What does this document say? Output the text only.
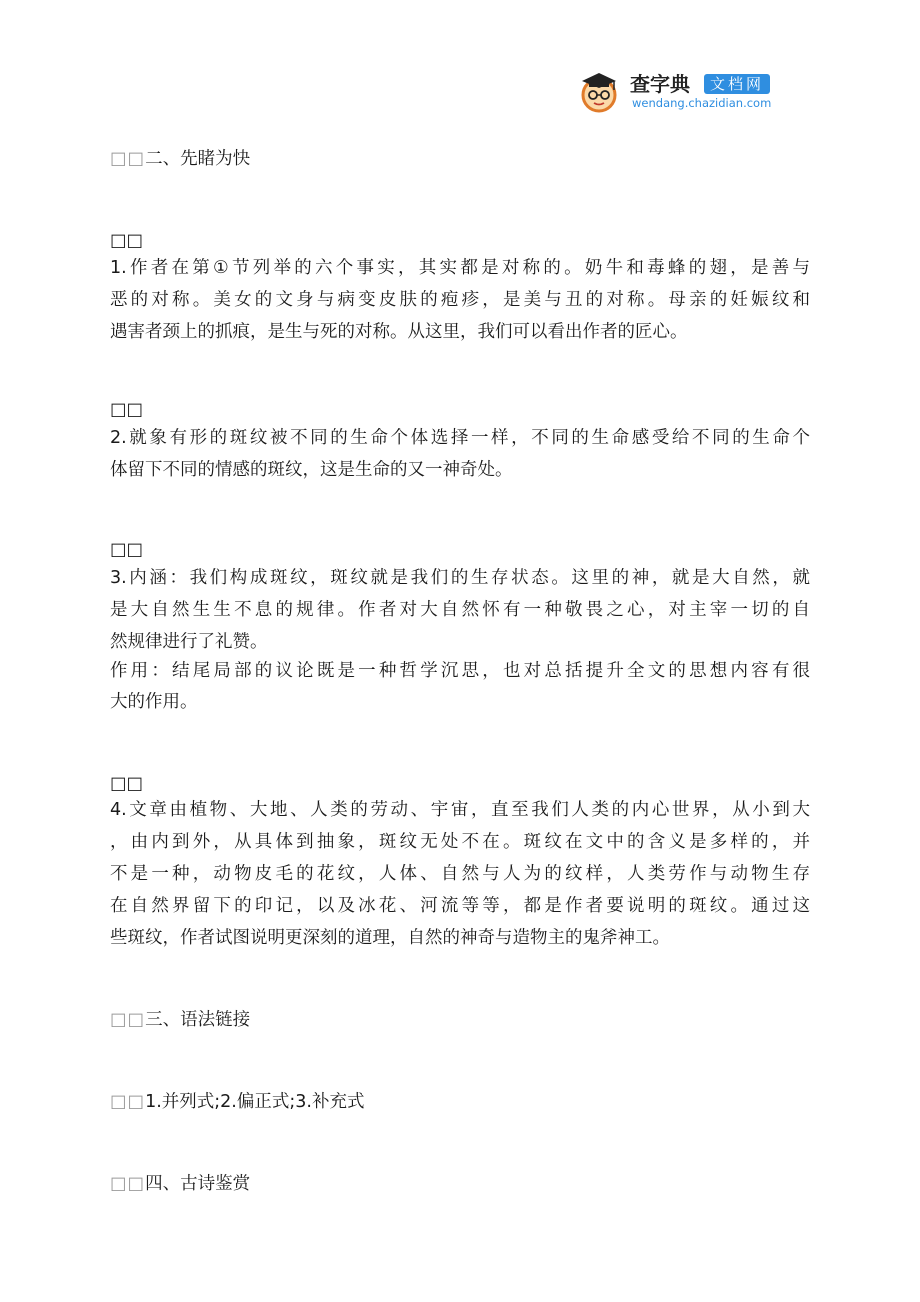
查字典	文档网
wendang.chazidian.com
□□二、先睹为快
□□
1.作者在第①节列举的六个事实，其实都是对称的。奶牛和毒蜂的翅，是善与
恶的对称。美女的文身与病变皮肤的疱疹，是美与丑的对称。母亲的妊娠纹和
遇害者颈上的抓痕，是生与死的对称。从这里，我们可以看出作者的匠心。
□□
2.就象有形的斑纹被不同的生命个体选择一样，不同的生命感受给不同的生命个
体留下不同的情感的斑纹，这是生命的又一神奇处。
□□
3.内涵：我们构成斑纹，斑纹就是我们的生存状态。这里的神，就是大自然，就
是大自然生生不息的规律。作者对大自然怀有一种敬畏之心，对主宰一切的自
然规律进行了礼赞。
作用：结尾局部的议论既是一种哲学沉思，也对总括提升全文的思想内容有很
大的作用。
□□
4.文章由植物、大地、人类的劳动、宇宙，直至我们人类的内心世界，从小到大
，由内到外，从具体到抽象，斑纹无处不在。斑纹在文中的含义是多样的，并
不是一种，动物皮毛的花纹，人体、自然与人为的纹样，人类劳作与动物生存
在自然界留下的印记，以及冰花、河流等等，都是作者要说明的斑纹。通过这
些斑纹，作者试图说明更深刻的道理，自然的神奇与造物主的鬼斧神工。
□□三、语法链接
□□1.并列式;2.偏正式;3.补充式
□□四、古诗鉴赏
